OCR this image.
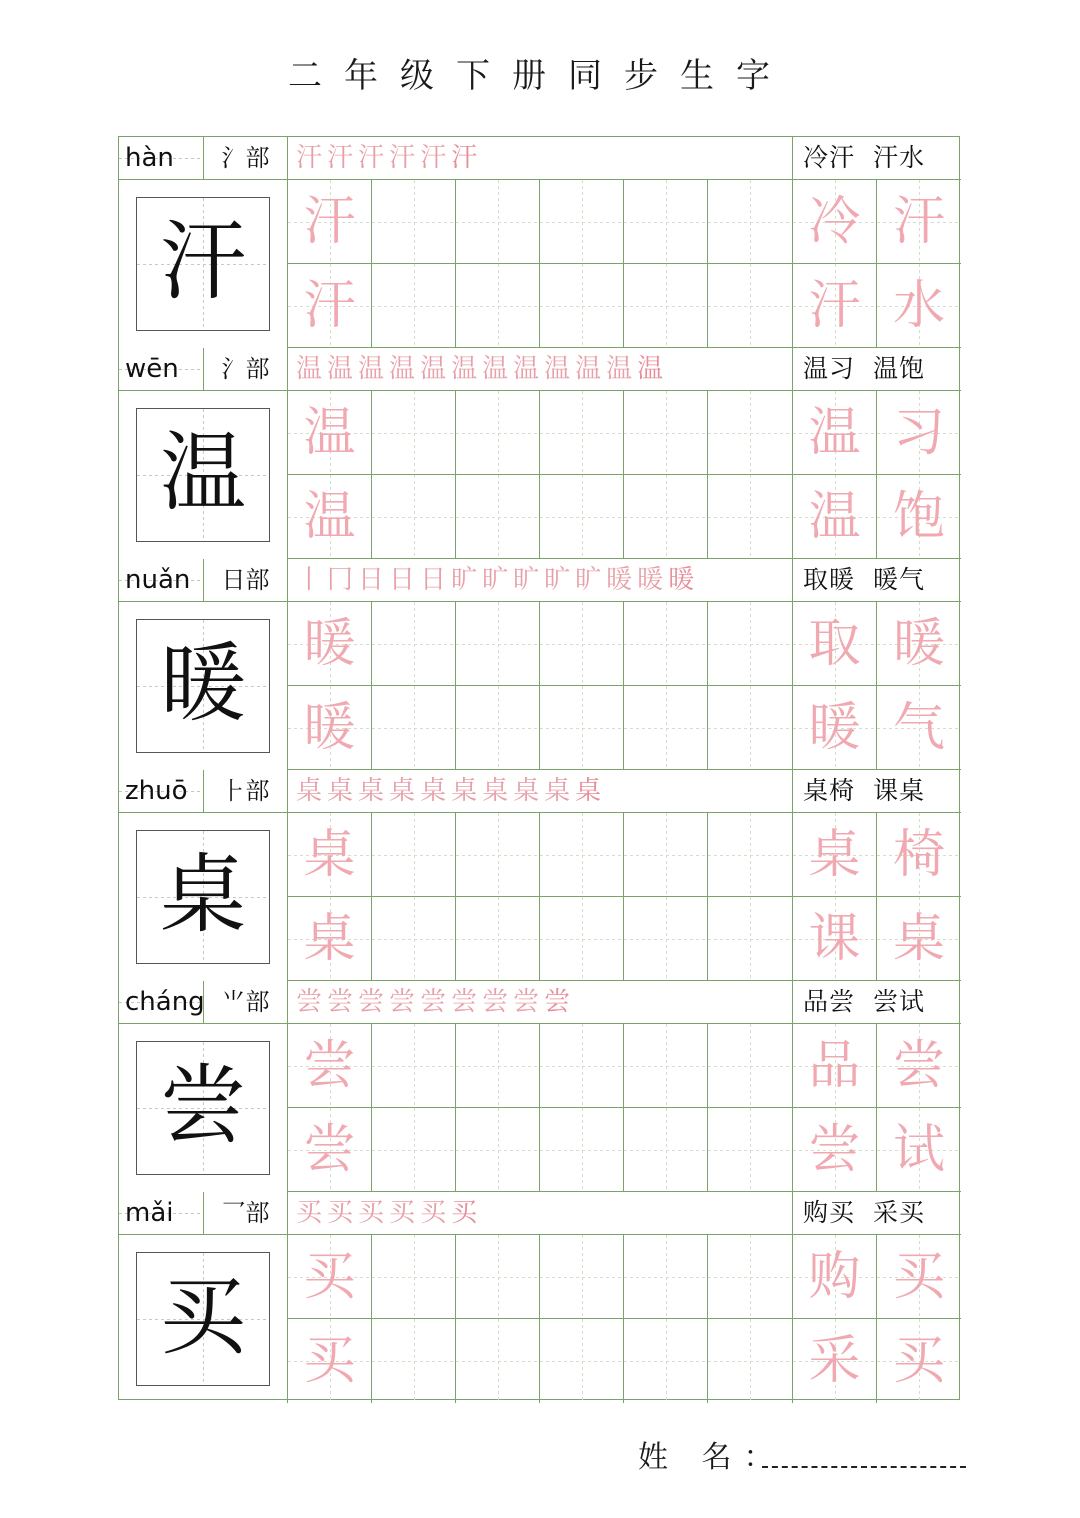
二年级下册同步生字
hàn	氵部	汗 汗 汗 汗 汗 汗	冷汗 汗水
汗	汗
汗
冷 汗
汗 水
wēn	氵部	温 温 温 温 温 温 温 温 温 温 温 温	温习 温饱
温	温
温
温 习
温 饱
nuǎn	日部	丨 冂 日 日 日 旷 旷 旷 旷 旷 暖 暖 暖	取暖 暖气
暖	暖
暖
取 暖
暖 气
zhuō	⺊部	桌 桌 桌 桌 桌 桌 桌 桌 桌 桌	桌椅 课桌
桌	桌
桌
桌 椅
课 桌
cháng ⺌部	尝 尝 尝 尝 尝 尝 尝 尝 尝	品尝 尝试
尝	尝
尝
品 尝
尝 试
mǎi	乛部	买 买 买 买 买 买	购买 采买
买	买
买
购 买
采 买
姓 名：
